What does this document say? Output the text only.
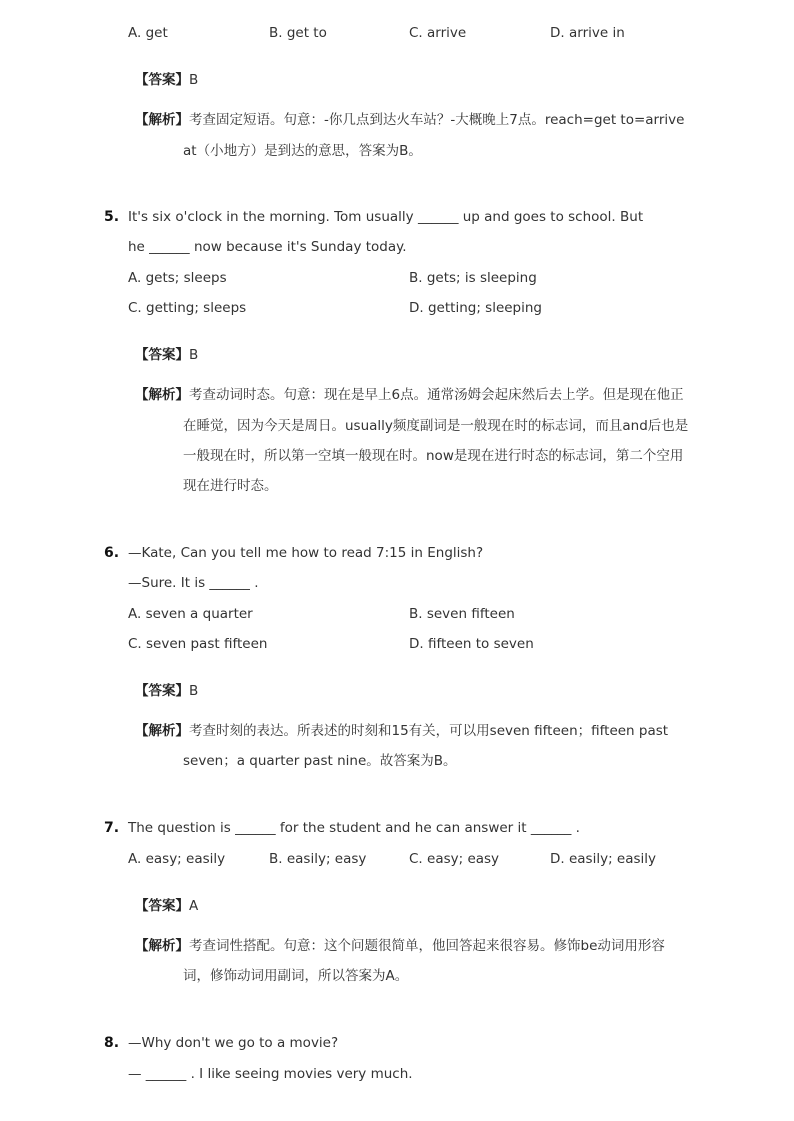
A. get	B. get to	C. arrive	D. arrive in
【答案】B
【解析】考查固定短语。句意：-你几点到达火车站？-大概晚上7点。reach=get to=arrive
at（小地方）是到达的意思，答案为B。
5. It's six o'clock in the morning. Tom usually ______ up and goes to school. But
he ______ now because it's Sunday today.
A. gets; sleeps	B. gets; is sleeping
C. getting; sleeps	D. getting; sleeping
【答案】B
【解析】考查动词时态。句意：现在是早上6点。通常汤姆会起床然后去上学。但是现在他正
在睡觉，因为今天是周日。usually频度副词是一般现在时的标志词，而且and后也是
一般现在时，所以第一空填一般现在时。now是现在进行时态的标志词，第二个空用
现在进行时态。
6. —Kate, Can you tell me how to read 7:15 in English?
—Sure. It is ______ .
A. seven a quarter	B. seven fifteen
C. seven past fifteen	D. fifteen to seven
【答案】B
【解析】考查时刻的表达。所表述的时刻和15有关，可以用seven fifteen；fifteen past
seven；a quarter past nine。故答案为B。
7. The question is ______ for the student and he can answer it ______ .
A. easy; easily	B. easily; easy	C. easy; easy	D. easily; easily
【答案】A
【解析】考查词性搭配。句意：这个问题很简单，他回答起来很容易。修饰be动词用形容
词，修饰动词用副词，所以答案为A。
8. —Why don't we go to a movie?
— ______ . I like seeing movies very much.
